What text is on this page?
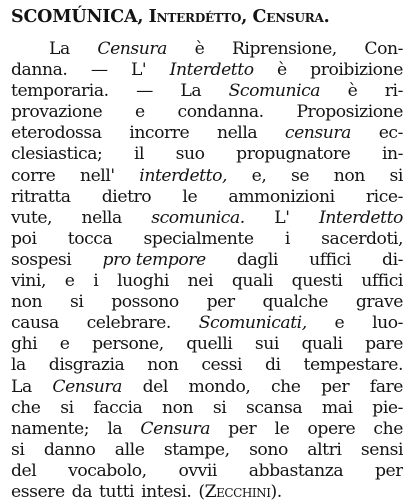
SCOMÚNICA, Interdétto, Censura.
La Censura è Riprensione, Con-
danna. — L' Interdetto è proibizione
temporaria. — La Scomunica è ri-
provazione e condanna. Proposizione
eterodossa incorre nella censura ec-
clesiastica; il suo propugnatore in-
corre nell' interdetto, e, se non si
ritratta dietro le ammonizioni rice-
vute, nella scomunica. L' Interdetto
poi tocca specialmente i sacerdoti,
sospesi pro tempore dagli uffici di-
vini, e i luoghi nei quali questi uffici
non si possono per qualche grave
causa celebrare. Scomunicati, e luo-
ghi e persone, quelli sui quali pare
la disgrazia non cessi di tempestare.
La Censura del mondo, che per fare
che si faccia non si scansa mai pie-
namente; la Censura per le opere che
si danno alle stampe, sono altri sensi
del vocabolo, ovvii abbastanza per
essere da tutti intesi. (Zecchini).
